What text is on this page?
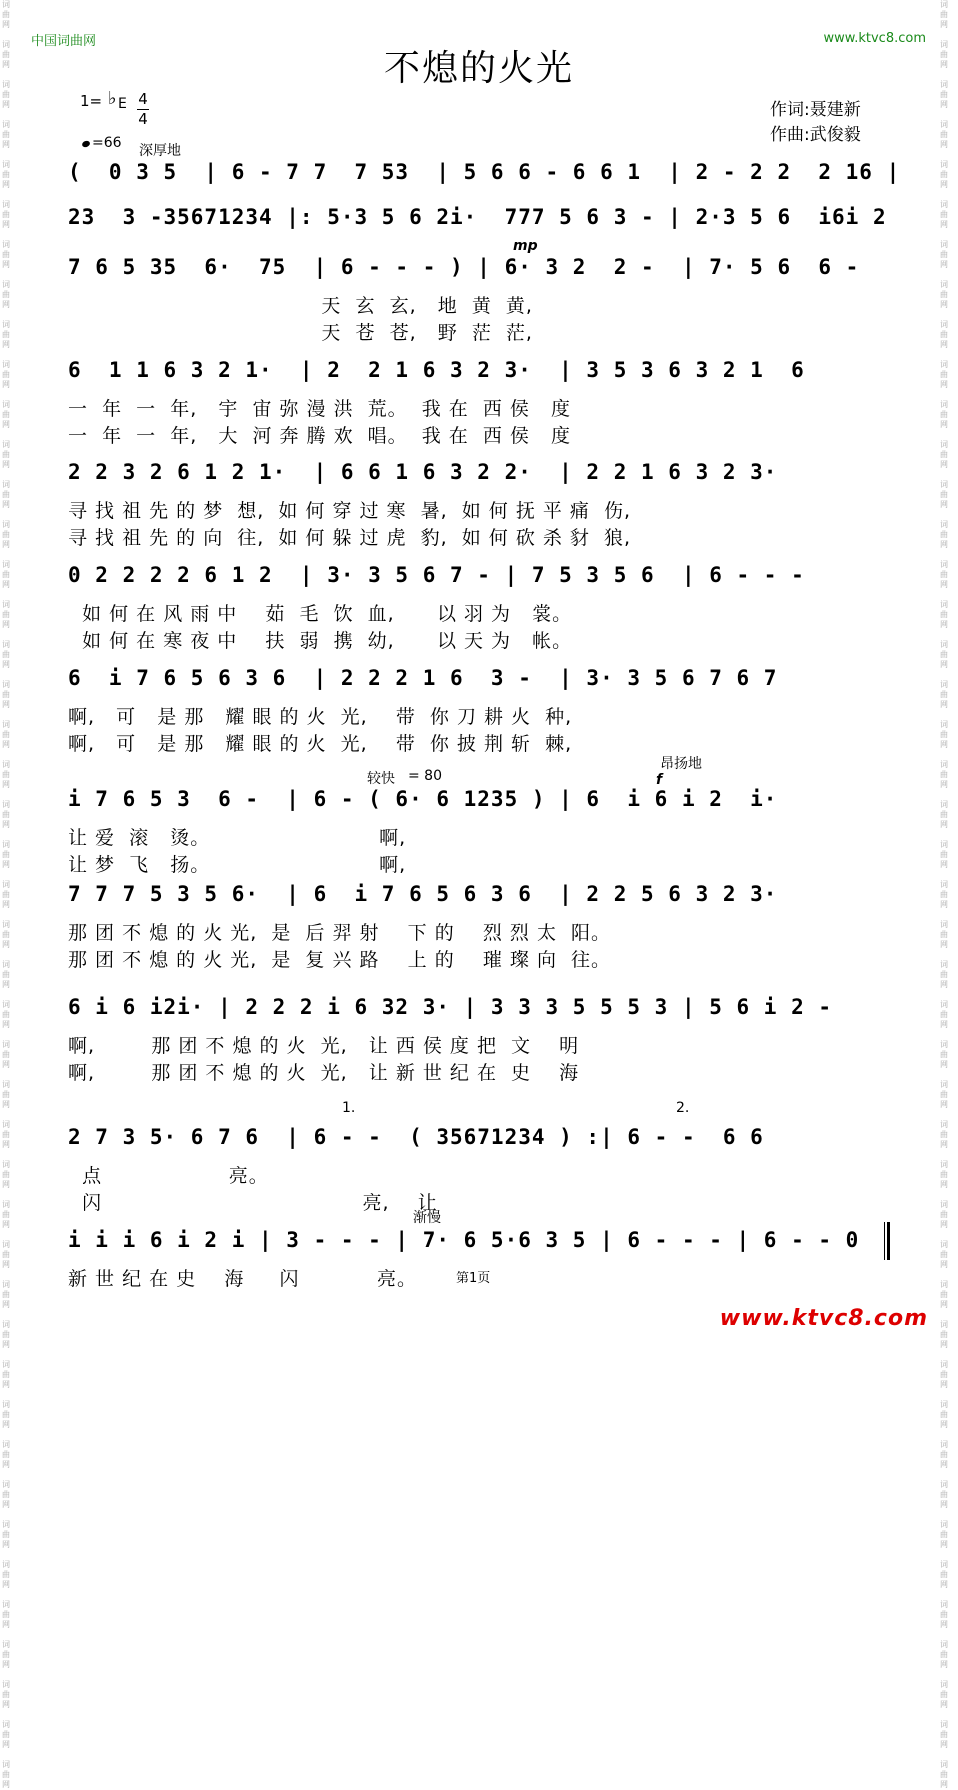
词
曲
网

词
曲
网

词
曲
网

词
曲
网

词
曲
网

词
曲
网

词
曲
网

词
曲
网

词
曲
网

词
曲
网

词
曲
网

词
曲
网

词
曲
网

词
曲
网

词
曲
网

词
曲
网

词
曲
网

词
曲
网

词
曲
网

词
曲
网

词
曲
网

词
曲
网

词
曲
网

词
曲
网

词
曲
网

词
曲
网

词
曲
网

词
曲
网

词
曲
网

词
曲
网

词
曲
网

词
曲
网

词
曲
网

词
曲
网

词
曲
网

词
曲
网

词
曲
网

词
曲
网

词
曲
网

词
曲
网

词
曲
网

词
曲
网

词
曲
网

词
曲
网

词
曲
网
词
曲
网

词
曲
网

词
曲
网

词
曲
网

词
曲
网

词
曲
网

词
曲
网

词
曲
网

词
曲
网

词
曲
网

词
曲
网

词
曲
网

词
曲
网

词
曲
网

词
曲
网

词
曲
网

词
曲
网

词
曲
网

词
曲
网

词
曲
网

词
曲
网

词
曲
网

词
曲
网

词
曲
网

词
曲
网

词
曲
网

词
曲
网

词
曲
网

词
曲
网

词
曲
网

词
曲
网

词
曲
网

词
曲
网

词
曲
网

词
曲
网

词
曲
网

词
曲
网

词
曲
网

词
曲
网

词
曲
网

词
曲
网

词
曲
网

词
曲
网

词
曲
网

词
曲
网
中国词曲网	www.ktvc8.com
不熄的火光
1= ♭ E 4
4
=66 深厚地
作词:聂建新
作曲:武俊毅
(  0 3 5  | 6 - 7 7  7 53  | 5 6 6 - 6 6 1  | 2 - 2 2  2 16 |
23  3 -35671234 |: 5·3 5 6 2i·  777 5 6 3 - | 2·3 5 6  i6i 2
7 6 5 35  6·  75  | 6 - - - ) | 6· 3 2  2 -  | 7· 5 6  6 -
天  玄  玄,   地  黄  黄,
天  苍  苍,   野  茫  茫,
6  1 1 6 3 2 1·  | 2  2 1 6 3 2 3·  | 3 5 3 6 3 2 1  6
一  年  一  年,   宇  宙 弥 漫 洪  荒。  我 在  西 侯   度
一  年  一  年,   大  河 奔 腾 欢  唱。  我 在  西 侯   度
2 2 3 2 6 1 2 1·  | 6 6 1 6 3 2 2·  | 2 2 1 6 3 2 3·
寻 找 祖 先 的 梦  想,  如 何 穿 过 寒  暑,  如 何 抚 平 痛  伤,
寻 找 祖 先 的 向  往,  如 何 躲 过 虎  豹,  如 何 砍 杀 豺  狼,
0 2 2 2 2 6 1 2  | 3· 3 5 6 7 - | 7 5 3 5 6  | 6 - - -
如 何 在 风 雨 中    茹  毛  饮  血,      以 羽 为   裳。
如 何 在 寒 夜 中    扶  弱  携  幼,      以 天 为   帐。
6  i 7 6 5 6 3 6  | 2 2 2 1 6  3 -  | 3· 3 5 6 7 6 7
啊,   可   是 那   耀 眼 的 火  光,    带  你 刀 耕 火  种,
啊,   可   是 那   耀 眼 的 火  光,    带  你 披 荆 斩  棘,
i 7 6 5 3  6 -  | 6 - ( 6· 6 1235 ) | 6  i 6 i 2  i·
让 爱  滚   烫。                        啊,
让 梦  飞   扬。                        啊,
7 7 7 5 3 5 6·  | 6  i 7 6 5 6 3 6  | 2 2 5 6 3 2 3·
那 团 不 熄 的 火 光,  是  后 羿 射    下 的    烈 烈 太  阳。
那 团 不 熄 的 火 光,  是  复 兴 路    上 的    璀 璨 向  往。
6 i 6 i2i· | 2 2 2 i 6 32 3· | 3 3 3 5 5 5 3 | 5 6 i 2 -
啊,        那 团 不 熄 的 火  光,   让 西 侯 度 把  文    明
啊,        那 团 不 熄 的 火  光,   让 新 世 纪 在  史    海
2 7 3 5· 6 7 6  | 6 - -  ( 35671234 ) :| 6 - -  6 6
点                  亮。
闪                                     亮,    让
i i i 6 i 2 i | 3 - - - | 7· 6 5·6 3 5 | 6 - - - | 6 - - 0
新 世 纪 在 史    海     闪           亮。
mp
较快 = 80
昂扬地
f
1.	2.
渐慢
第1页
www.ktvc8.com
